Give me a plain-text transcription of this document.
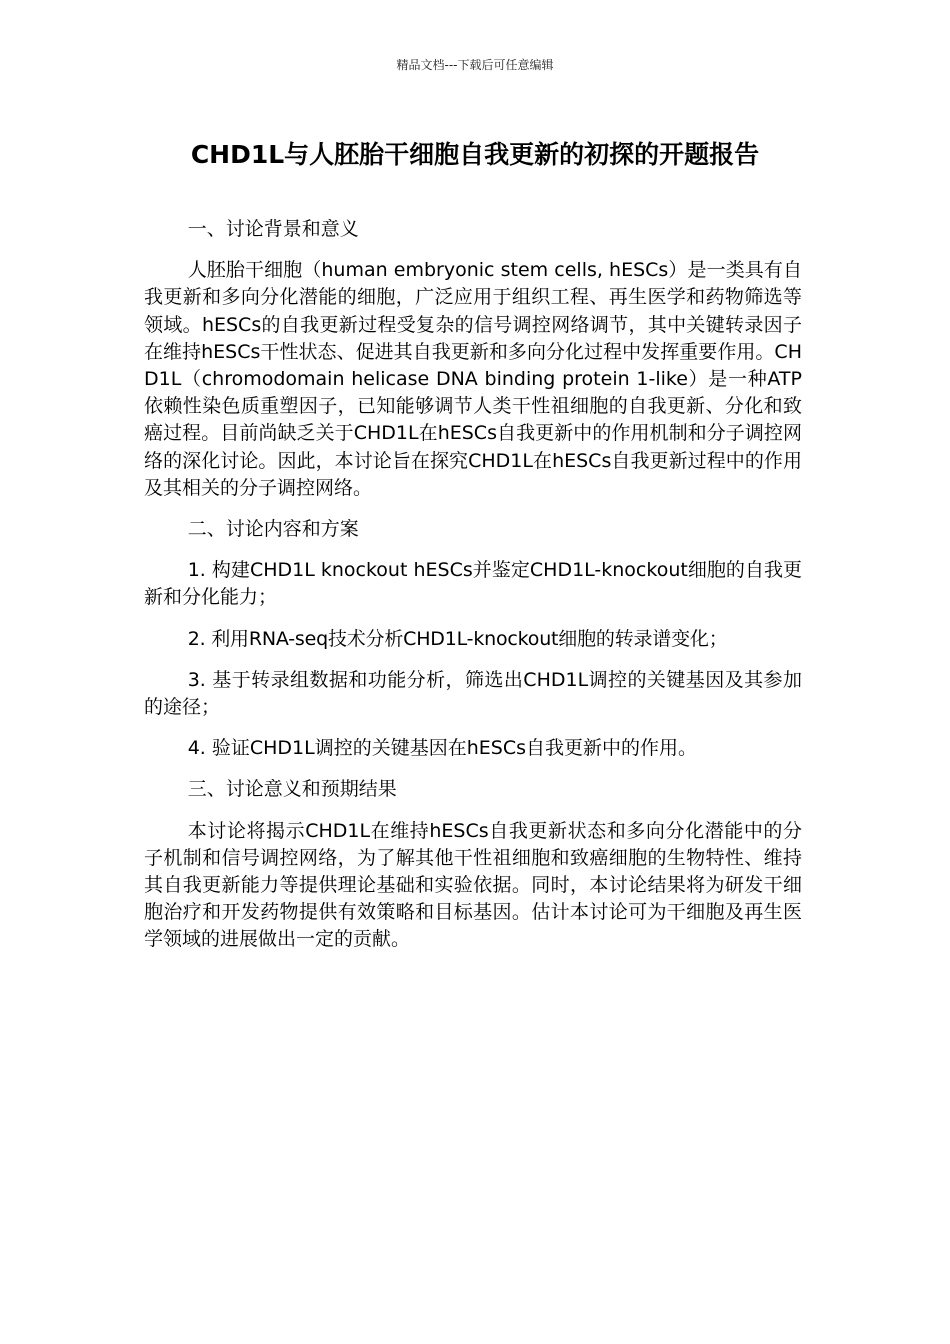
精品文档---下载后可任意编辑
CHD1L与人胚胎干细胞自我更新的初探的开题报告

一、讨论背景和意义

人胚胎干细胞（human embryonic stem cells, hESCs）是一类具有自我更新和多向分化潜能的细胞，广泛应用于组织工程、再生医学和药物筛选等领域。hESCs的自我更新过程受复杂的信号调控网络调节，其中关键转录因子在维持hESCs干性状态、促进其自我更新和多向分化过程中发挥重要作用。CHD1L（chromodomain helicase DNA binding protein 1-like）是一种ATP依赖性染色质重塑因子，已知能够调节人类干性祖细胞的自我更新、分化和致癌过程。目前尚缺乏关于CHD1L在hESCs自我更新中的作用机制和分子调控网络的深化讨论。因此，本讨论旨在探究CHD1L在hESCs自我更新过程中的作用及其相关的分子调控网络。

二、讨论内容和方案

1. 构建CHD1L knockout hESCs并鉴定CHD1L-knockout细胞的自我更新和分化能力；

2. 利用RNA-seq技术分析CHD1L-knockout细胞的转录谱变化；

3. 基于转录组数据和功能分析，筛选出CHD1L调控的关键基因及其参加的途径；

4. 验证CHD1L调控的关键基因在hESCs自我更新中的作用。

三、讨论意义和预期结果

本讨论将揭示CHD1L在维持hESCs自我更新状态和多向分化潜能中的分子机制和信号调控网络，为了解其他干性祖细胞和致癌细胞的生物特性、维持其自我更新能力等提供理论基础和实验依据。同时，本讨论结果将为研发干细胞治疗和开发药物提供有效策略和目标基因。估计本讨论可为干细胞及再生医学领域的进展做出一定的贡献。
